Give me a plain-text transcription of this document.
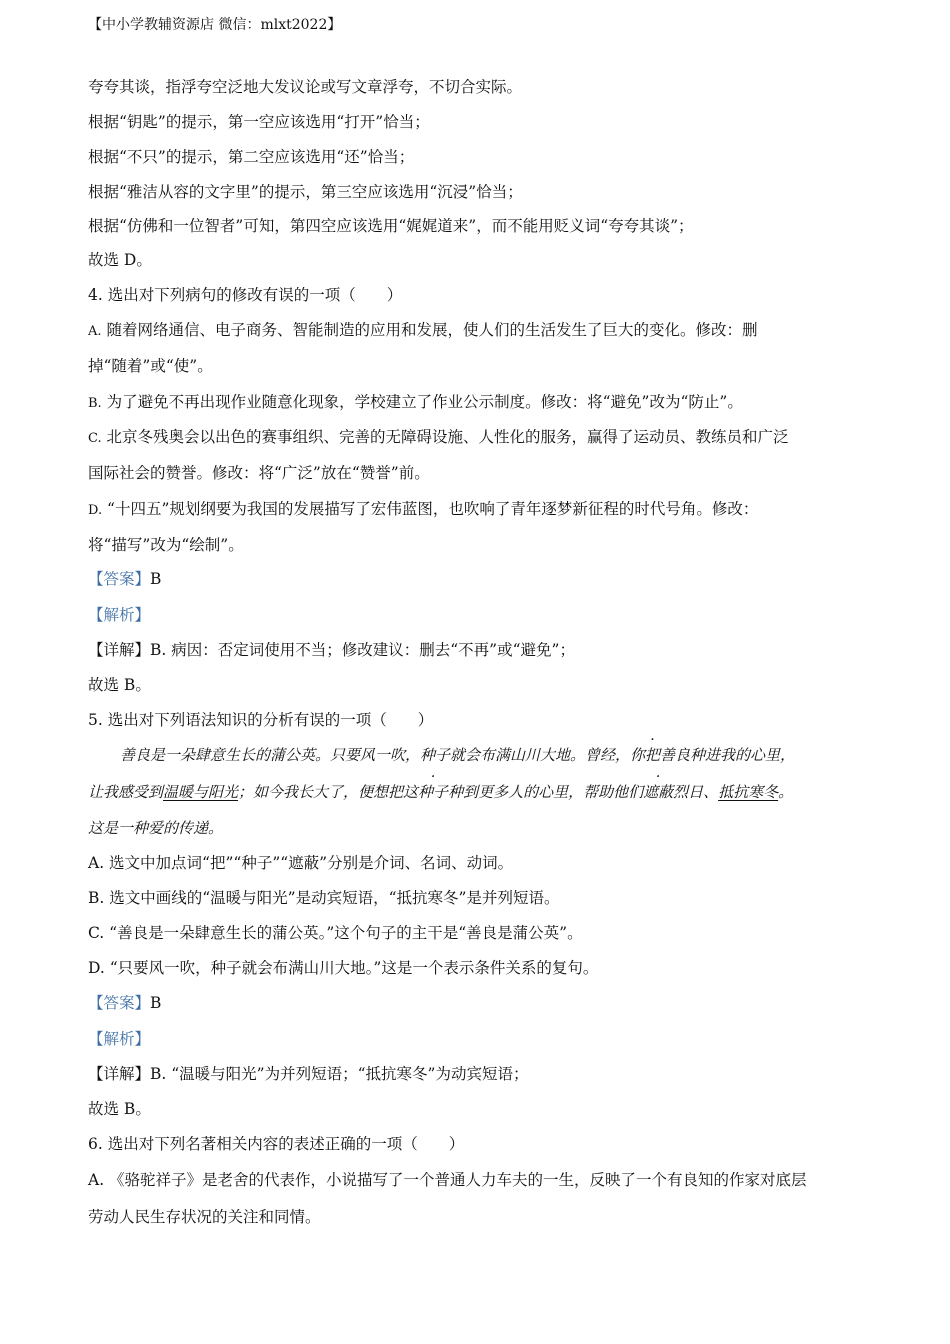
【中小学教辅资源店 微信：mlxt2022】
夸夸其谈，指浮夸空泛地大发议论或写文章浮夸，不切合实际。
根据“钥匙”的提示，第一空应该选用“打开”恰当；
根据“不只”的提示，第二空应该选用“还”恰当；
根据“雅洁从容的文字里”的提示，第三空应该选用“沉浸”恰当；
根据“仿佛和一位智者”可知，第四空应该选用“娓娓道来”，而不能用贬义词“夸夸其谈”；
故选 D。
4. 选出对下列病句的修改有误的一项（　　）
A. 随着网络通信、电子商务、智能制造的应用和发展，使人们的生活发生了巨大的变化。修改：删
掉“随着”或“使”。
B. 为了避免不再出现作业随意化现象，学校建立了作业公示制度。修改：将“避免”改为“防止”。
C. 北京冬残奥会以出色的赛事组织、完善的无障碍设施、人性化的服务，赢得了运动员、教练员和广泛
国际社会的赞誉。修改：将“广泛”放在“赞誉”前。
D. “十四五”规划纲要为我国的发展描写了宏伟蓝图，也吹响了青年逐梦新征程的时代号角。修改：
将“描写”改为“绘制”。
【答案】B
【解析】
【详解】B. 病因：否定词使用不当；修改建议：删去“不再”或“避免”；
故选 B。
5. 选出对下列语法知识的分析有误的一项（　　）
善良是一朵肆意生长的蒲公英。只要风一吹，种子就会布满山川大地。曾经，你把善良种进我的心里，
让我感受到温暖与阳光；如今我长大了，便想把这种子种到更多人的心里，帮助他们遮蔽烈日、抵抗寒冬。
这是一种爱的传递。
A. 选文中加点词“把”“种子”“遮蔽”分别是介词、名词、动词。
B. 选文中画线的“温暖与阳光”是动宾短语，“抵抗寒冬”是并列短语。
C. “善良是一朵肆意生长的蒲公英。”这个句子的主干是“善良是蒲公英”。
D. “只要风一吹，种子就会布满山川大地。”这是一个表示条件关系的复句。
【答案】B
【解析】
【详解】B. “温暖与阳光”为并列短语；“抵抗寒冬”为动宾短语；
故选 B。
6. 选出对下列名著相关内容的表述正确的一项（　　）
A. 《骆驼祥子》是老舍的代表作，小说描写了一个普通人力车夫的一生，反映了一个有良知的作家对底层
劳动人民生存状况的关注和同情。
